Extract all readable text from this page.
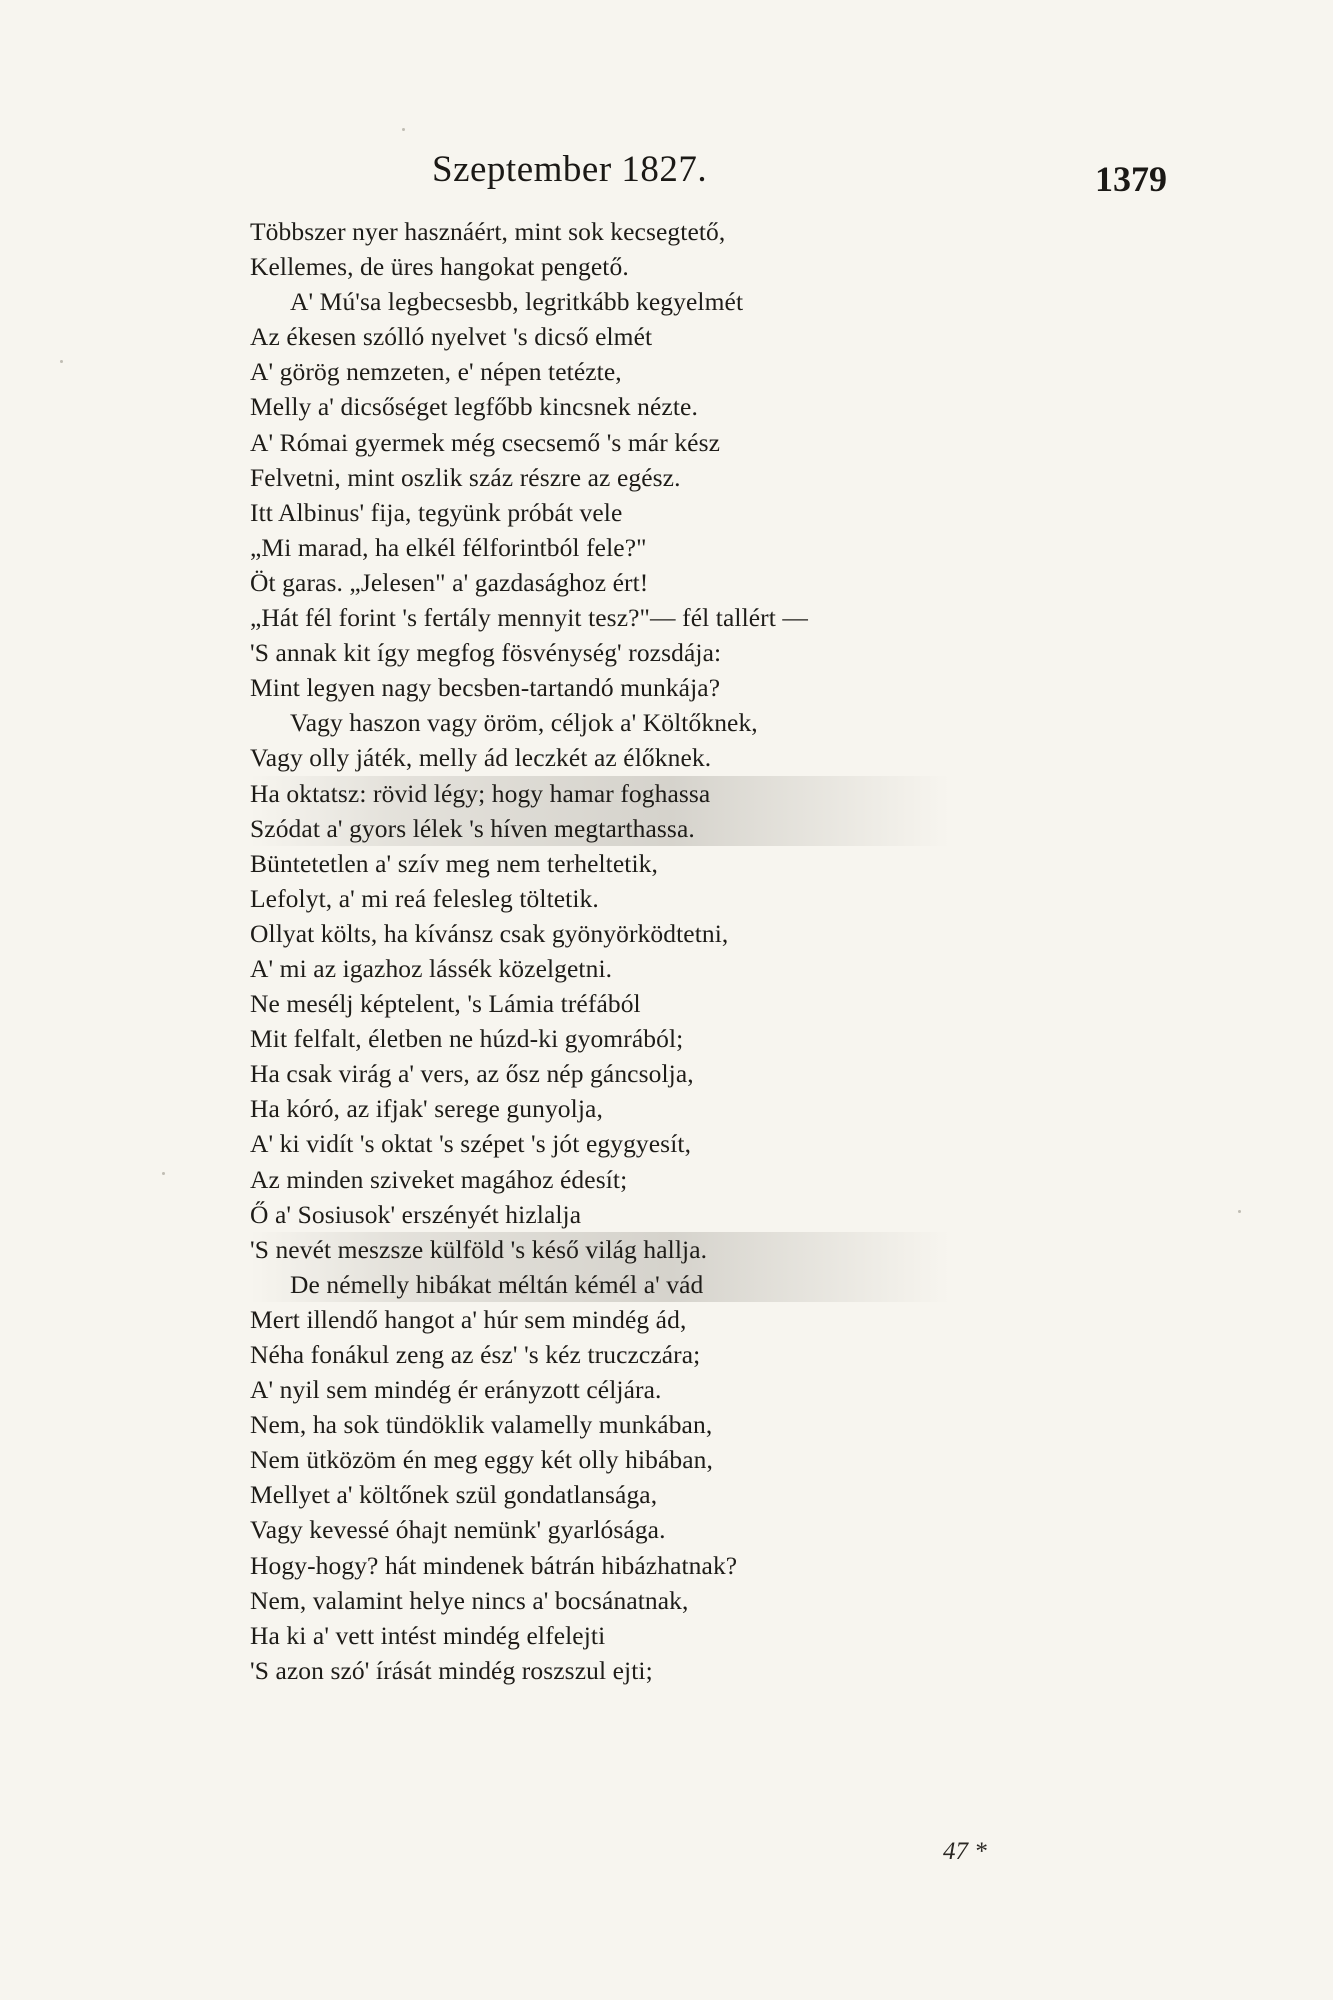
Szeptember 1827.	1379
Többszer nyer hasznáért, mint sok kecsegtető,
Kellemes, de üres hangokat pengető.
A' Mú'sa legbecsesbb, legritkább kegyelmét
Az ékesen szólló nyelvet 's dicső elmét
A' görög nemzeten, e' népen tetézte,
Melly a' dicsőséget legfőbb kincsnek nézte.
A' Római gyermek még csecsemő 's már kész
Felvetni, mint oszlik száz részre az egész.
Itt Albinus' fija, tegyünk próbát vele
„Mi marad, ha elkél félforintból fele?"
Öt garas. „Jelesen" a' gazdasághoz ért!
„Hát fél forint 's fertály mennyit tesz?"— fél tallért —
'S annak kit így megfog fösvénység' rozsdája:
Mint legyen nagy becsben-tartandó munkája?
Vagy haszon vagy öröm, céljok a' Költőknek,
Vagy olly játék, melly ád leczkét az élőknek.
Ha oktatsz: rövid légy; hogy hamar foghassa
Szódat a' gyors lélek 's híven megtarthassa.
Büntetetlen a' szív meg nem terheltetik,
Lefolyt, a' mi reá felesleg töltetik.
Ollyat költs, ha kívánsz csak gyönyörködtetni,
A' mi az igazhoz lássék közelgetni.
Ne mesélj képtelent, 's Lámia tréfából
Mit felfalt, életben ne húzd-ki gyomrából;
Ha csak virág a' vers, az ősz nép gáncsolja,
Ha kóró, az ifjak' serege gunyolja,
A' ki vidít 's oktat 's szépet 's jót egygyesít,
Az minden sziveket magához édesít;
Ő a' Sosiusok' erszényét hizlalja
'S nevét meszsze külföld 's késő világ hallja.
De némelly hibákat méltán kémél a' vád
Mert illendő hangot a' húr sem mindég ád,
Néha fonákul zeng az ész' 's kéz truczczára;
A' nyil sem mindég ér erányzott céljára.
Nem, ha sok tündöklik valamelly munkában,
Nem ütközöm én meg eggy két olly hibában,
Mellyet a' költőnek szül gondatlansága,
Vagy kevessé óhajt nemünk' gyarlósága.
Hogy-hogy? hát mindenek bátrán hibázhatnak?
Nem, valamint helye nincs a' bocsánatnak,
Ha ki a' vett intést mindég elfelejti
'S azon szó' írását mindég roszszul ejti;
47 *
